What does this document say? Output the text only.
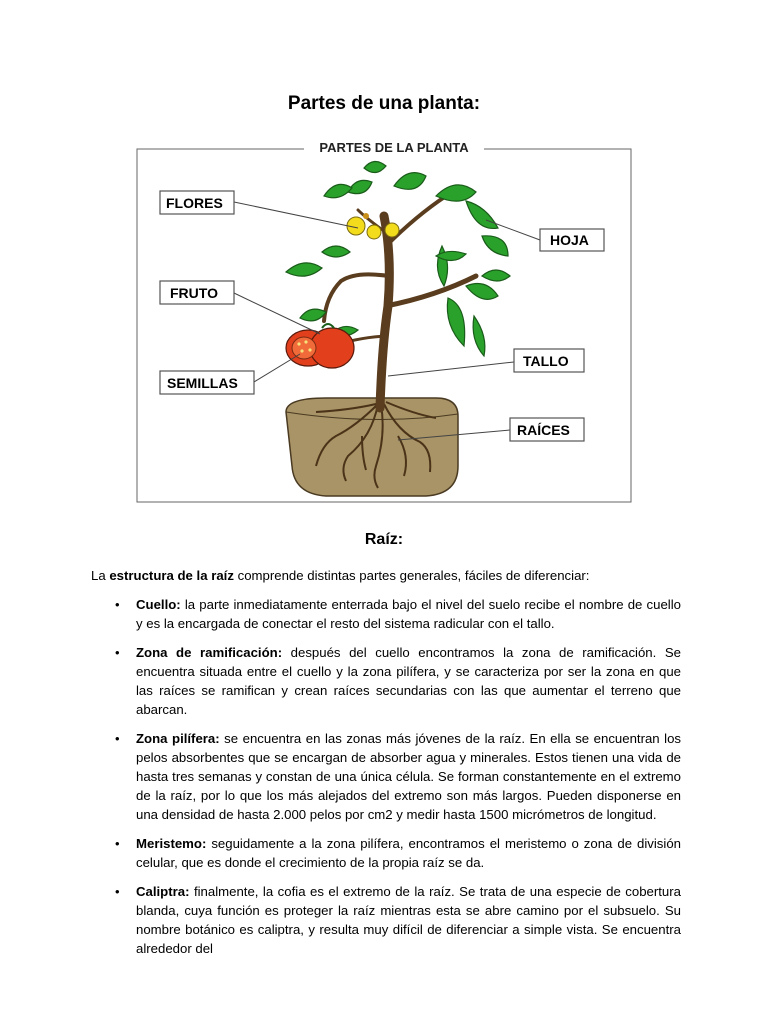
Partes de una planta:
PARTES DE LA PLANTA
FLORES
HOJA
FRUTO
TALLO
SEMILLAS
RAÍCES
Raíz:
La estructura de la raíz comprende distintas partes generales, fáciles de diferenciar:
• Cuello: la parte inmediatamente enterrada bajo el nivel del suelo recibe el nombre de cuello y es la encargada de conectar el resto del sistema radicular con el tallo.
• Zona de ramificación: después del cuello encontramos la zona de ramificación. Se encuentra situada entre el cuello y la zona pilífera, y se caracteriza por ser la zona en que las raíces se ramifican y crean raíces secundarias con las que aumentar el terreno que abarcan.
• Zona pilífera: se encuentra en las zonas más jóvenes de la raíz. En ella se encuentran los pelos absorbentes que se encargan de absorber agua y minerales. Estos tienen una vida de hasta tres semanas y constan de una única célula. Se forman constantemente en el extremo de la raíz, por lo que los más alejados del extremo son más largos. Pueden disponerse en una densidad de hasta 2.000 pelos por cm2 y medir hasta 1500 micrómetros de longitud.
• Meristemo: seguidamente a la zona pilífera, encontramos el meristemo o zona de división celular, que es donde el crecimiento de la propia raíz se da.
• Caliptra: finalmente, la cofia es el extremo de la raíz. Se trata de una especie de cobertura blanda, cuya función es proteger la raíz mientras esta se abre camino por el subsuelo. Su nombre botánico es caliptra, y resulta muy difícil de diferenciar a simple vista. Se encuentra alrededor del
